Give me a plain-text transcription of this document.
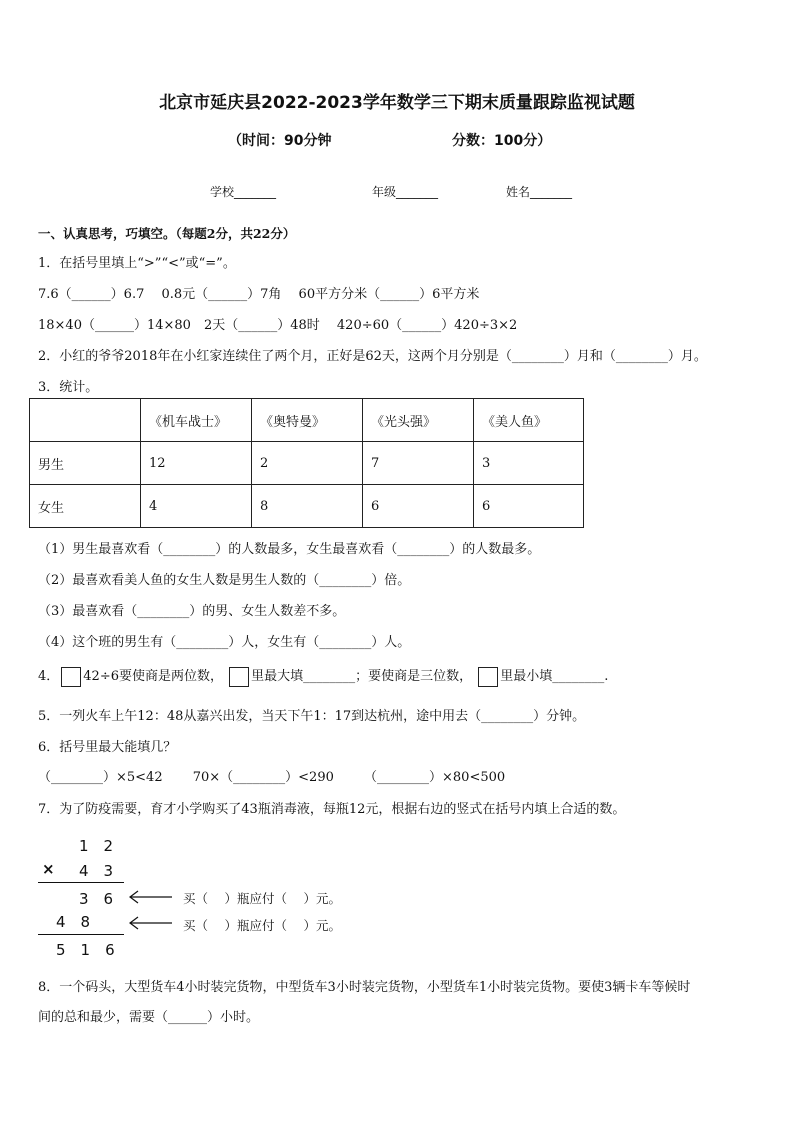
北京市延庆县2022-2023学年数学三下期末质量跟踪监视试题
（时间：90分钟	分数：100分）
学校_______	年级_______	姓名_______
一、认真思考，巧填空。（每题2分，共22分）
1．在括号里填上“>”“<”或“=”。
7.6（______）6.7　 0.8元（______）7角　 60平方分米（______）6平方米
18×40（______）14×80　2天（______）48时　 420÷60（______）420÷3×2
2．小红的爷爷2018年在小红家连续住了两个月，正好是62天，这两个月分别是（________）月和（________）月。
3．统计。
	《机车战士》	《奥特曼》	《光头强》	《美人鱼》
男生	12	2	7	3
女生	4	8	6	6
（1）男生最喜欢看（________）的人数最多，女生最喜欢看（________）的人数最多。
（2）最喜欢看美人鱼的女生人数是男生人数的（________）倍。
（3）最喜欢看（________）的男、女生人数差不多。
（4）这个班的男生有（________）人，女生有（________）人。
4． 42÷6要使商是两位数， 里最大填________；要使商是三位数， 里最小填________.
5．一列火车上午12：48从嘉兴出发，当天下午1：17到达杭州，途中用去（________）分钟。
6．括号里最大能填几？
（________）×5<42　　 70×（________）<290　　 （________）×80<500
7．为了防疫需要，育才小学购买了43瓶消毒液，每瓶12元，根据右边的竖式在括号内填上合适的数。
1　2
× 4　3
3　6
4　8
5　1　6
买（　 ）瓶应付（　 ）元。
买（　 ）瓶应付（　 ）元。
8．一个码头，大型货车4小时装完货物，中型货车3小时装完货物，小型货车1小时装完货物。要使3辆卡车等候时
间的总和最少，需要（______）小时。
